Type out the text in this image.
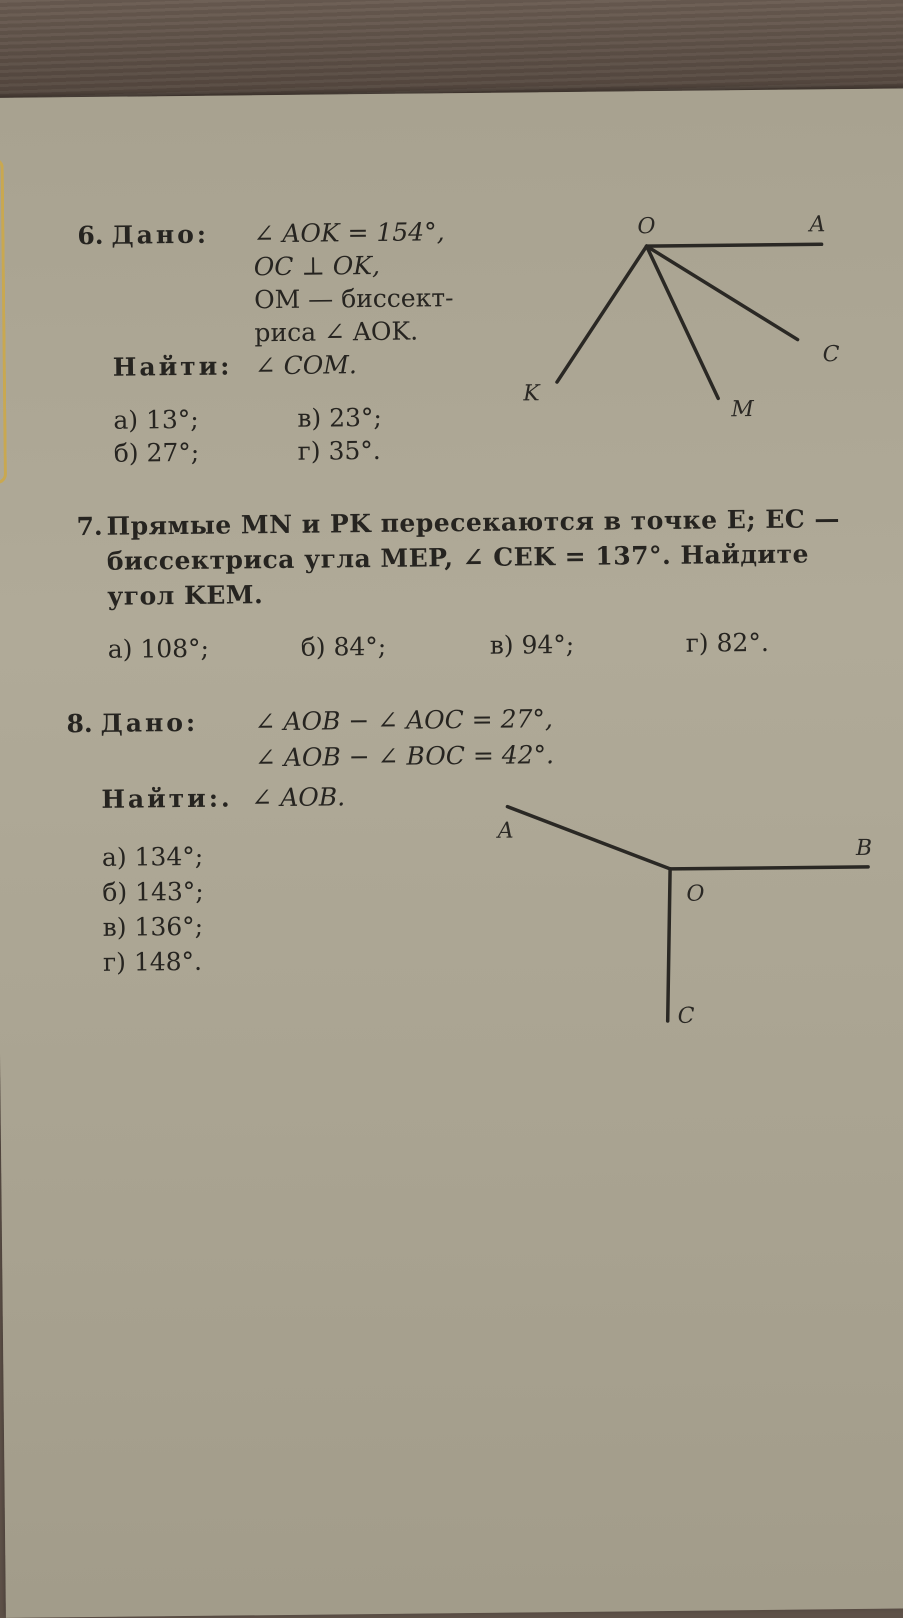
6. Дано: ∠ AOK = 154°,
OC ⊥ OK,
OM — биссект-
риса ∠ AOK.
Найти: ∠ COM.
а) 13°;	в) 23°;
б) 27°;	г) 35°.
O	A
C
M
K
7. Прямые MN и PK пересекаются в точке E; EC —
биссектриса угла MEP, ∠ CEK = 137°. Найдите
угол KEM.
а) 108°;	б) 84°;	в) 94°;	г) 82°.
8. Дано: ∠ AOB − ∠ AOC = 27°,
∠ AOB − ∠ BOC = 42°.
Найти:. ∠ AOB.
а) 134°;
б) 143°;
в) 136°;
г) 148°.
A
B
O
C
